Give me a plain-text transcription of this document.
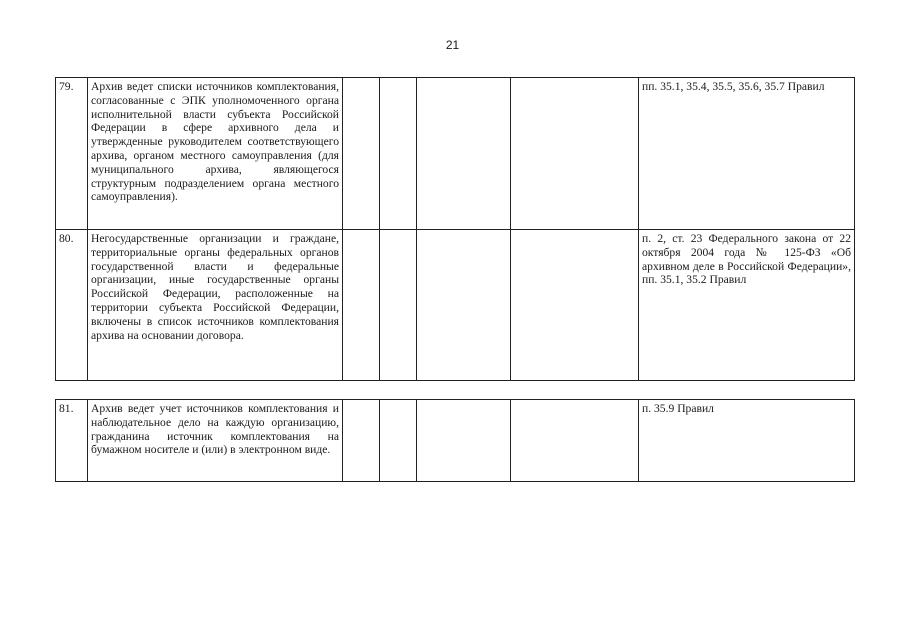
21
79.	Архив ведет списки источников комплектования, согласованные с ЭПК уполномоченного органа исполнительной власти субъекта Российской Федерации в сфере архивного дела и утвержденные руководителем соответствующего архива, органом местного самоуправления (для муниципального архива, являющегося структурным подразделением органа местного самоуправления).					пп. 35.1, 35.4, 35.5, 35.6, 35.7 Правил
80.	Негосударственные организации и граждане, территориальные органы федеральных органов государственной власти и федеральные организации, иные государственные органы Российской Федерации, расположенные на территории субъекта Российской Федерации, включены в список источников комплектования архива на основании договора.					п. 2, ст. 23 Федерального закона от 22 октября 2004 года № 125-ФЗ «Об архивном деле в Российской Федерации», пп. 35.1, 35.2 Правил
81.	Архив ведет учет источников комплектования и наблюдательное дело на каждую организацию, гражданина источник комплектования на бумажном носителе и (или) в электронном виде.					п. 35.9 Правил
